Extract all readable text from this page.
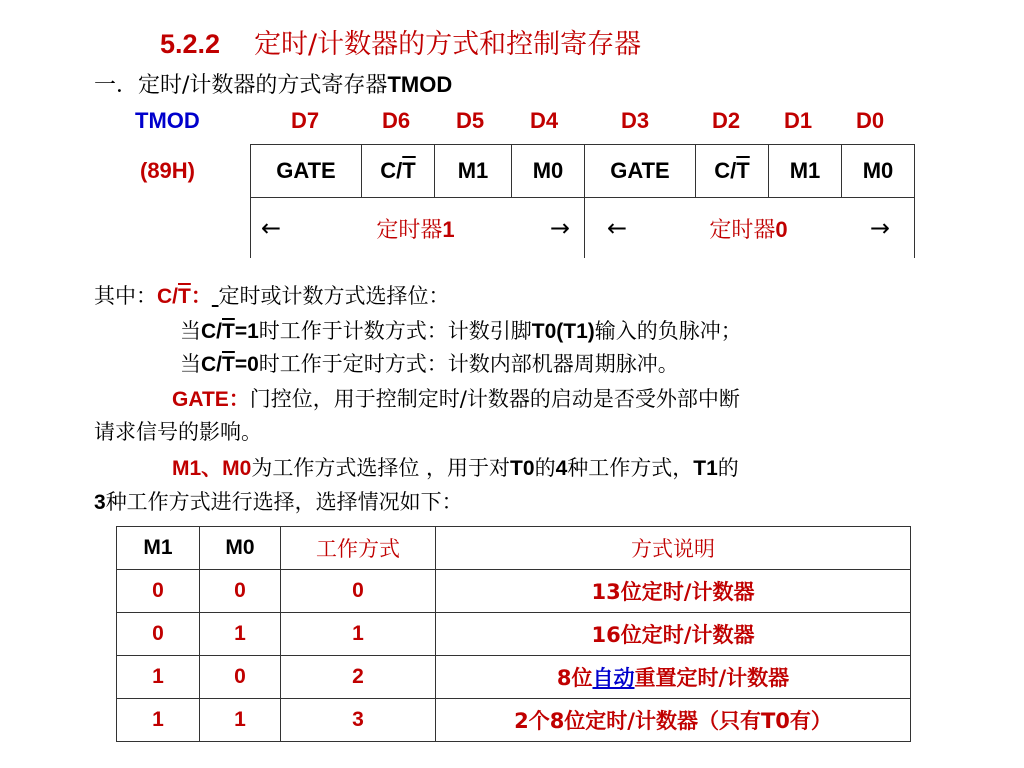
5.2.2 定时/计数器的方式和控制寄存器
一．定时/计数器的方式寄存器TMOD
TMOD
(89H)
D7	D6	D5	D4	D3	D2	D1	D0
GATE	$C/\overline{T}$	M1	M0	GATE	$C/\overline{T}$	M1	M0

← 定时器1 →				← 定时器0 →			
其中：$C/\overline{T}$： 定时或计数方式选择位：
当$C/\overline{T}=1$时工作于计数方式：计数引脚T0(T1)输入的负脉冲；
当$C/\overline{T}=0$时工作于定时方式：计数内部机器周期脉冲。
GATE：门控位，用于控制定时/计数器的启动是否受外部中断
请求信号的影响。
M1、M0为工作方式选择位 ，用于对T0的4种工作方式，T1的
3种工作方式进行选择，选择情况如下：
M1	M0	工作方式	方式说明
0	0	0	13位定时/计数器
0	1	1	16位定时/计数器
1	0	2	8位自动重置定时/计数器
1	1	3	2个8位定时/计数器（只有T0有）
